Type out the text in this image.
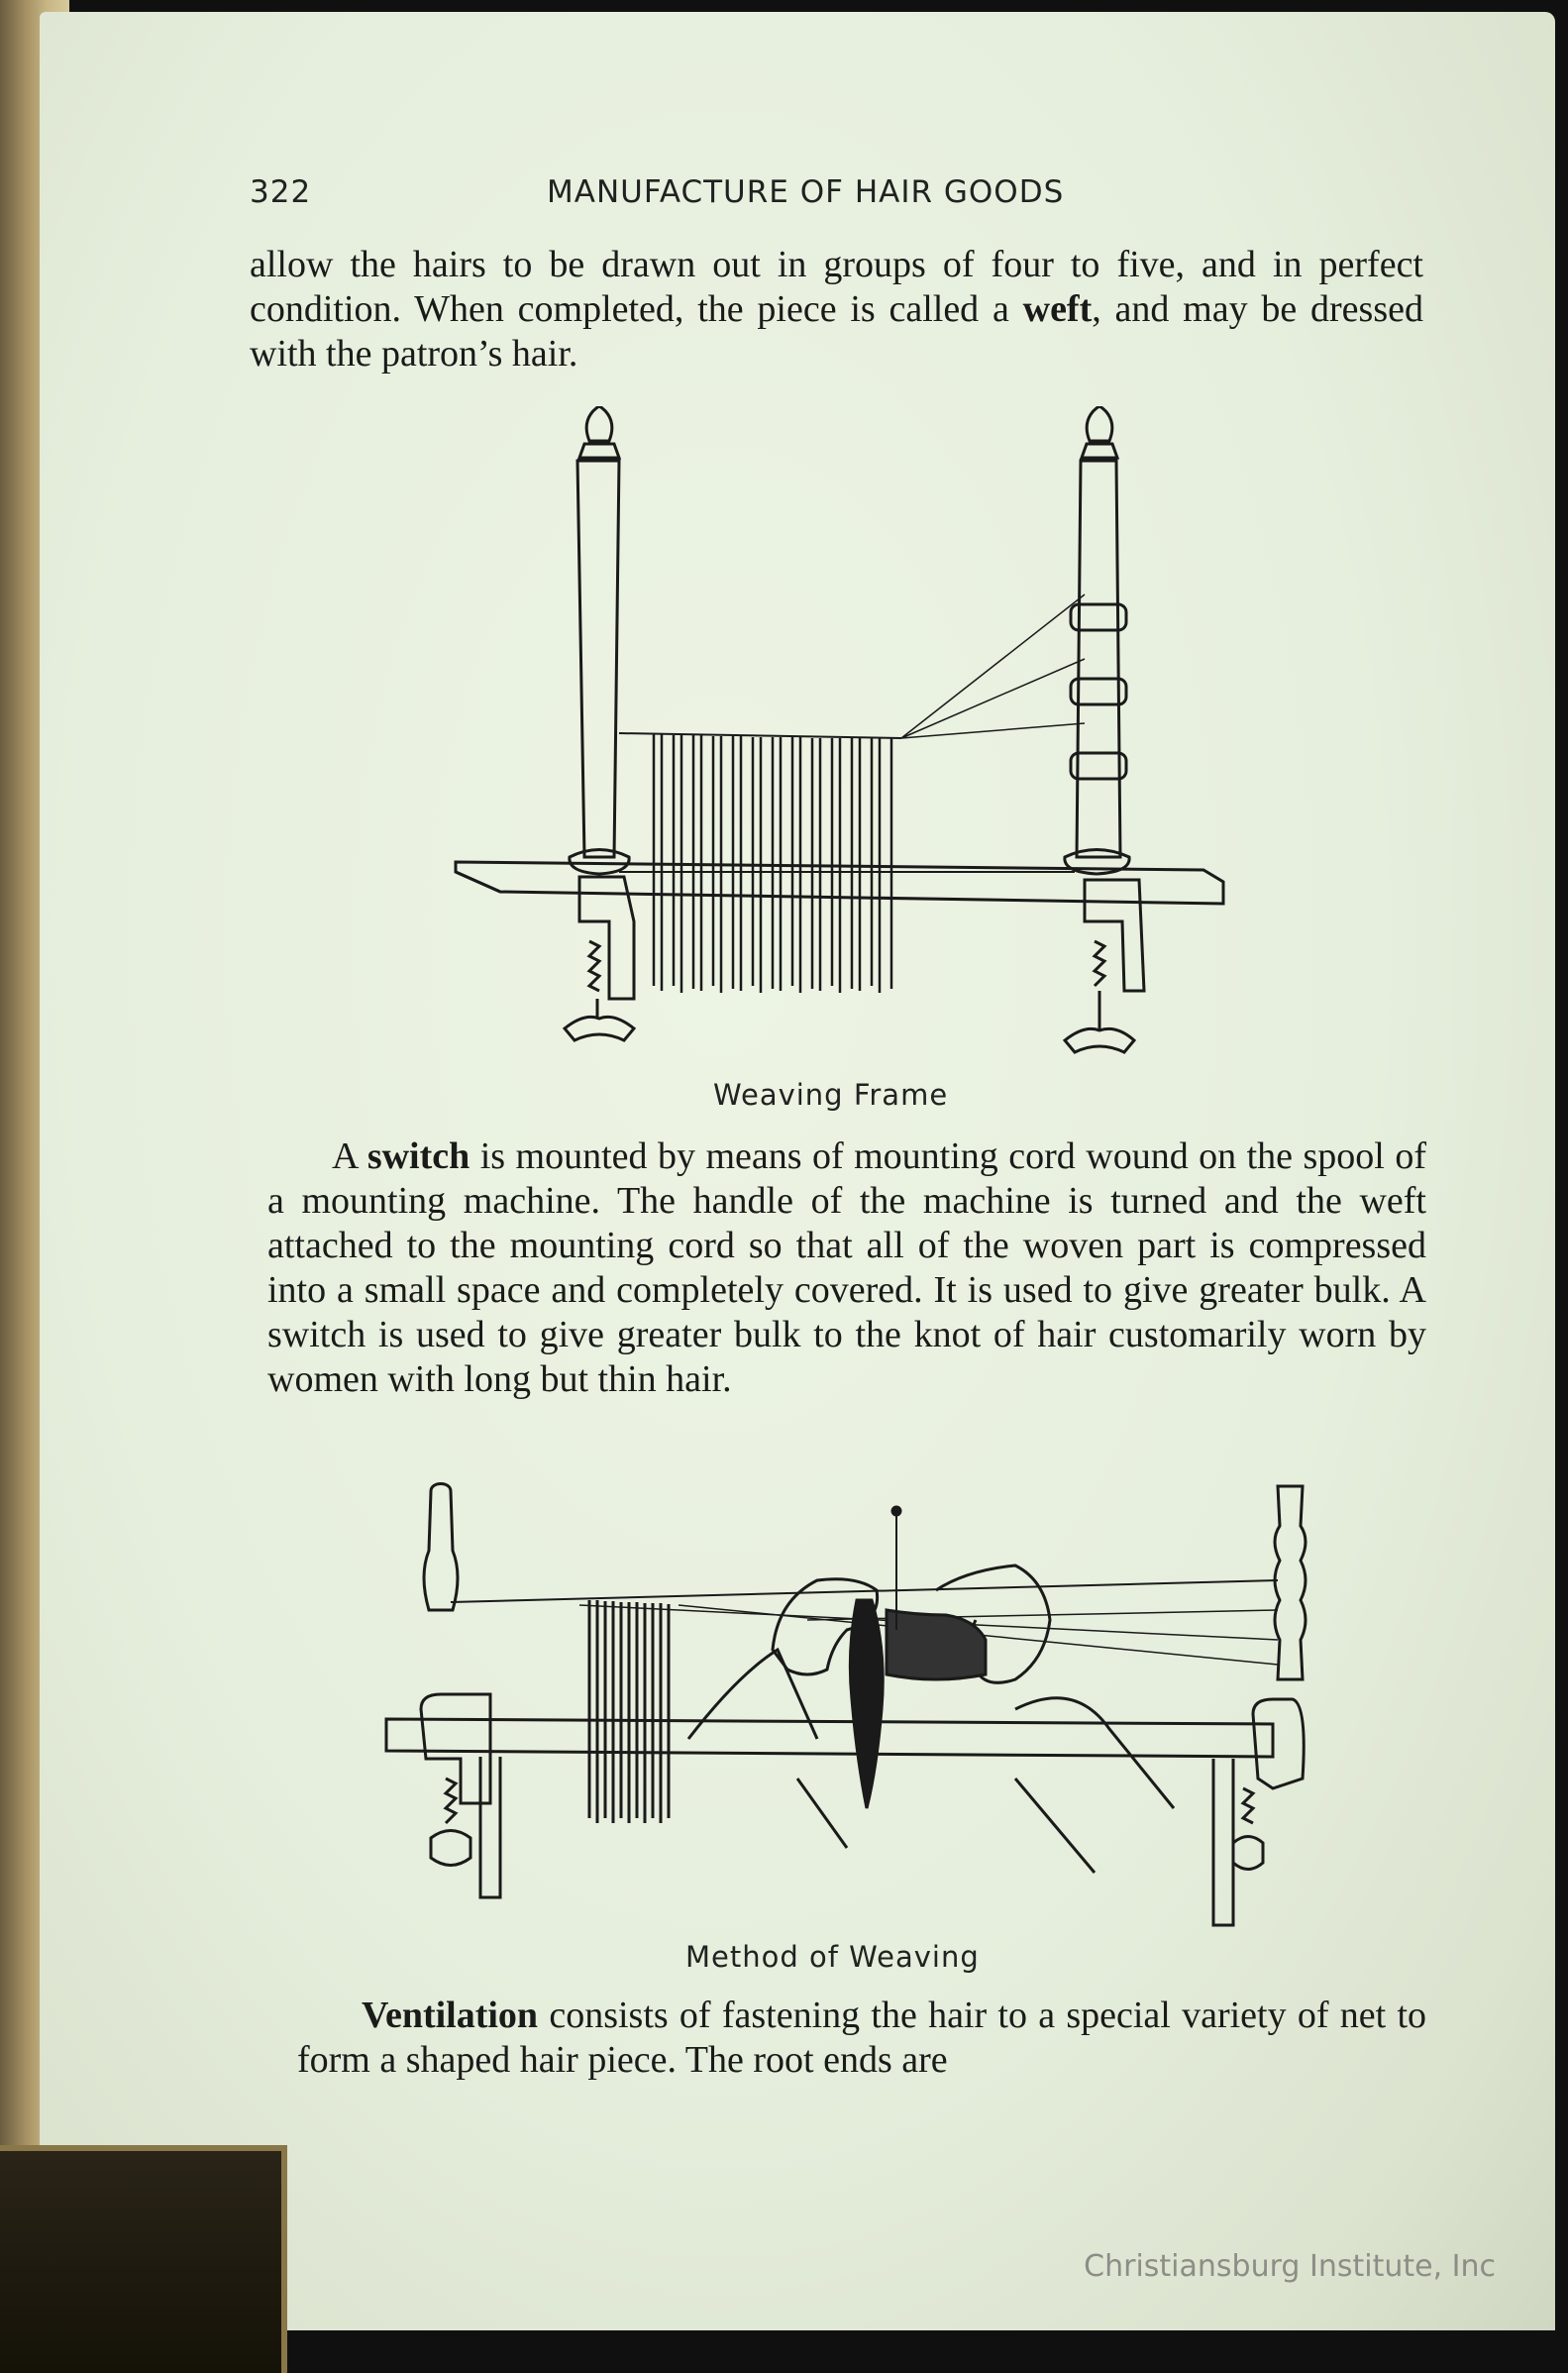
322	MANUFACTURE OF HAIR GOODS

allow the hairs to be drawn out in groups of four to five, and in perfect condition. When completed, the piece is called a weft, and may be dressed with the patron’s hair.

Weaving Frame

A switch is mounted by means of mounting cord wound on the spool of a mounting machine. The handle of the machine is turned and the weft attached to the mounting cord so that all of the woven part is compressed into a small space and completely covered. It is used to give greater bulk. A switch is used to give greater bulk to the knot of hair customarily worn by women with long but thin hair.

Method of Weaving

Ventilation consists of fastening the hair to a special variety of net to form a shaped hair piece. The root ends are

Christiansburg Institute, Inc
